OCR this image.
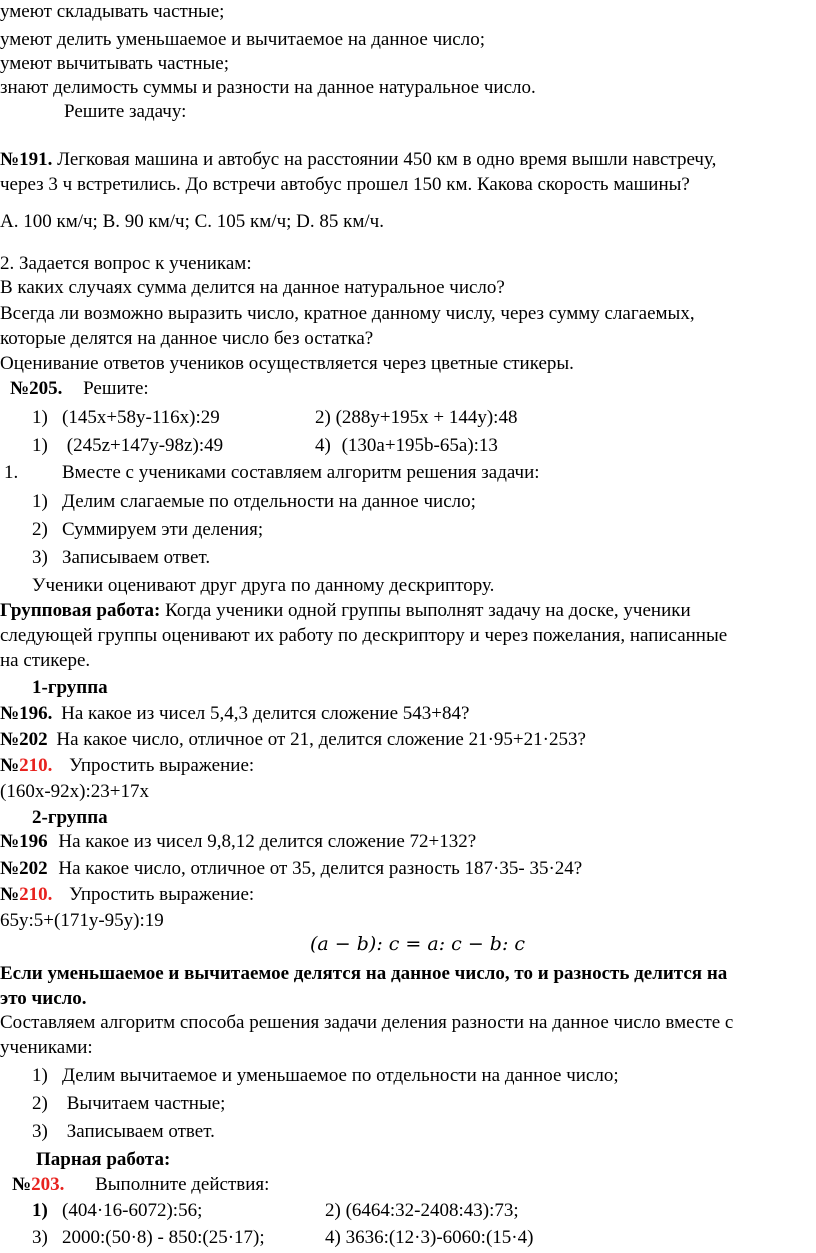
умеют складывать частные;
умеют делить уменьшаемое и вычитаемое на данное число;
умеют вычитывать частные;
знают делимость суммы и разности на данное натуральное число.
Решите задачу:
№191. Легковая машина и автобус на расстоянии 450 км в одно время вышли навстречу,
через 3 ч встретились. До встречи автобус прошел 150 км. Какова скорость машины?
А. 100 км/ч; B. 90 км/ч; С. 105 км/ч; D. 85 км/ч.
2. Задается вопрос к ученикам:
В каких случаях сумма делится на данное натуральное число?
Всегда ли возможно выразить число, кратное данному числу, через сумму слагаемых,
которые делятся на данное число без остатка?
Оценивание ответов учеников осуществляется через цветные стикеры.
№205. Решите:
1) (145x+58y-116x):29	2) (288y+195x + 144y):48
1) (245z+147y-98z):49	4) (130a+195b-65a):13
1. Вместе с учениками составляем алгоритм решения задачи:
1) Делим слагаемые по отдельности на данное число;
2) Суммируем эти деления;
3) Записываем ответ.
Ученики оценивают друг друга по данному дескриптору.
Групповая работа: Когда ученики одной группы выполнят задачу на доске, ученики
следующей группы оценивают их работу по дескриптору и через пожелания, написанные
на стикере.
1-группа
№196. На какое из чисел 5,4,3 делится сложение 543+84?
№202 На какое число, отличное от 21, делится сложение 21·95+21·253?
№210. Упростить выражение:
(160x-92x):23+17x
2-группа
№196 На какое из чисел 9,8,12 делится сложение 72+132?
№202 На какое число, отличное от 35, делится разность 187·35- 35·24?
№210. Упростить выражение:
65y:5+(171y-95y):19
(𝑎 − 𝑏): c = 𝑎: c − 𝑏: c
Если уменьшаемое и вычитаемое делятся на данное число, то и разность делится на
это число.
Составляем алгоритм способа решения задачи деления разности на данное число вместе с
учениками:
1) Делим вычитаемое и уменьшаемое по отдельности на данное число;
2) Вычитаем частные;
3) Записываем ответ.
Парная работа:
№203. Выполните действия:
1) (404·16-6072):56;	2) (6464:32-2408:43):73;
3) 2000:(50·8) - 850:(25·17);	4) 3636:(12·3)-6060:(15·4)
